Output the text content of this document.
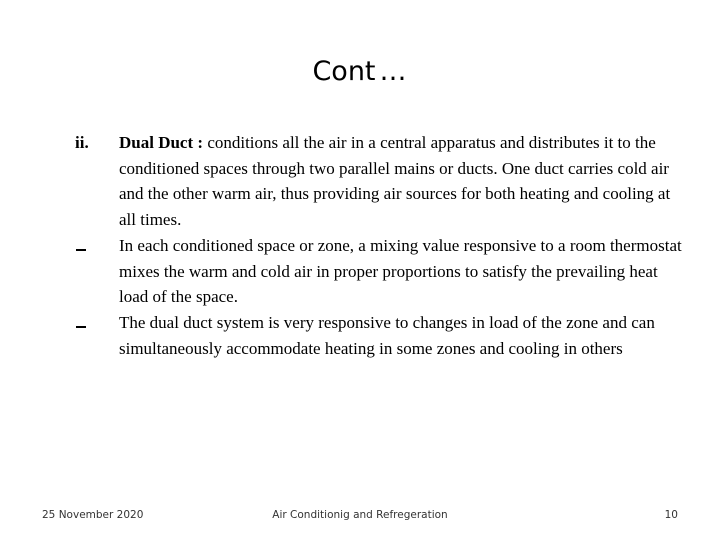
Cont …
ii. Dual Duct : conditions all the air in a central apparatus and distributes it to the conditioned spaces through two parallel mains or ducts. One duct carries cold air and the other warm air, thus providing air sources for both heating and cooling at all times.
In each conditioned space or zone, a mixing value responsive to a room thermostat mixes the warm and cold air in proper proportions to satisfy the prevailing heat load of the space.
The dual duct system is very responsive to changes in load of the zone and can simultaneously accommodate heating in some zones and cooling in others
25 November 2020	Air Conditionig and Refregeration	10
